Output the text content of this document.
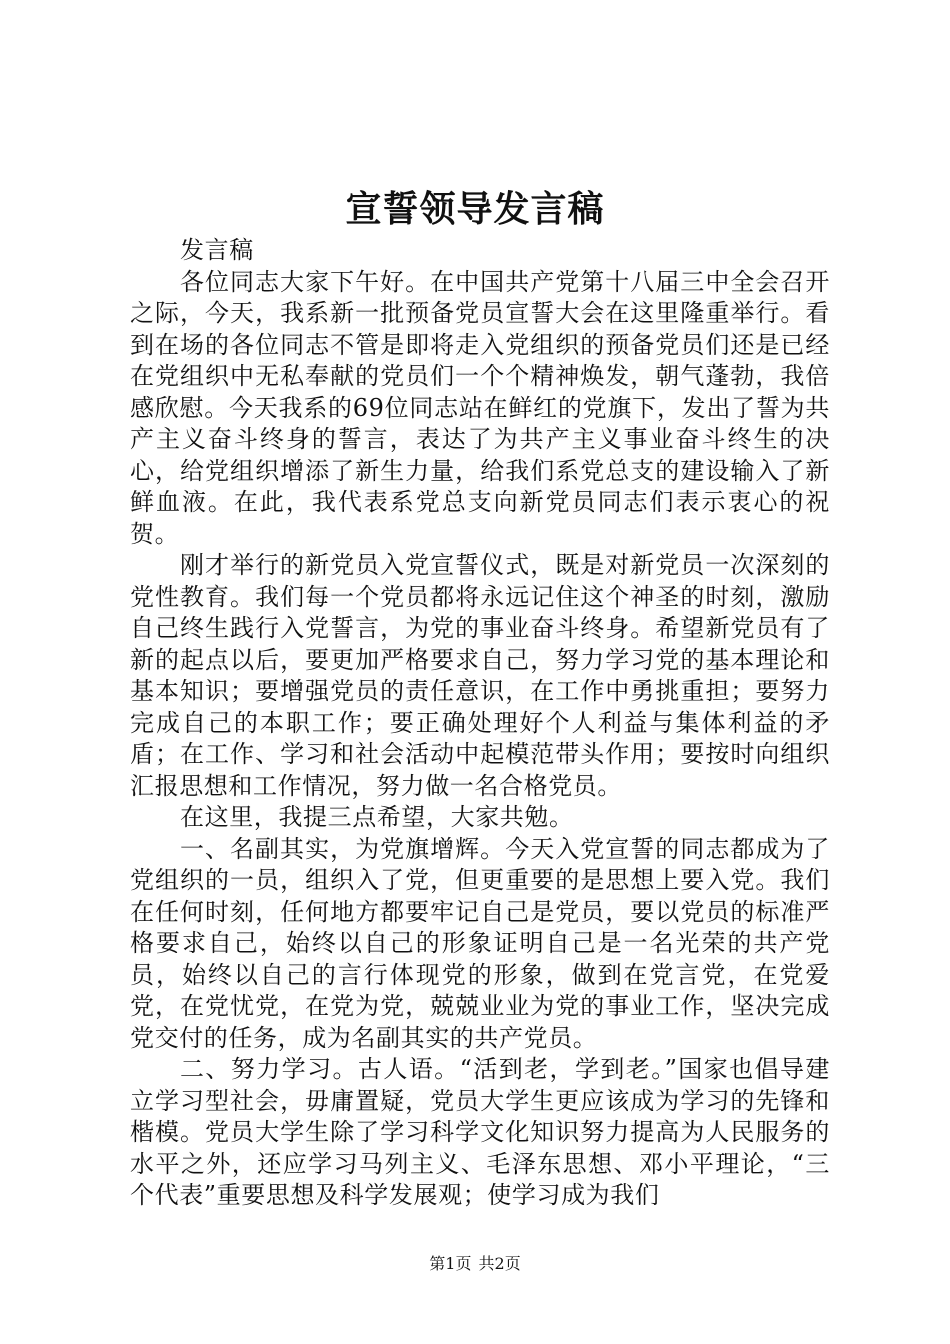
宣誓领导发言稿

发言稿

各位同志大家下午好。在中国共产党第十八届三中全会召开之际，今天，我系新一批预备党员宣誓大会在这里隆重举行。看到在场的各位同志不管是即将走入党组织的预备党员们还是已经在党组织中无私奉献的党员们一个个精神焕发，朝气蓬勃，我倍感欣慰。今天我系的69位同志站在鲜红的党旗下，发出了誓为共产主义奋斗终身的誓言，表达了为共产主义事业奋斗终生的决心，给党组织增添了新生力量，给我们系党总支的建设输入了新鲜血液。在此，我代表系党总支向新党员同志们表示衷心的祝贺。

刚才举行的新党员入党宣誓仪式，既是对新党员一次深刻的党性教育。我们每一个党员都将永远记住这个神圣的时刻，激励自己终生践行入党誓言，为党的事业奋斗终身。希望新党员有了新的起点以后，要更加严格要求自己，努力学习党的基本理论和基本知识；要增强党员的责任意识，在工作中勇挑重担；要努力完成自己的本职工作；要正确处理好个人利益与集体利益的矛盾；在工作、学习和社会活动中起模范带头作用；要按时向组织汇报思想和工作情况，努力做一名合格党员。

在这里，我提三点希望，大家共勉。

一、名副其实，为党旗增辉。今天入党宣誓的同志都成为了党组织的一员，组织入了党，但更重要的是思想上要入党。我们在任何时刻，任何地方都要牢记自己是党员，要以党员的标准严格要求自己，始终以自己的形象证明自己是一名光荣的共产党员，始终以自己的言行体现党的形象，做到在党言党，在党爱党，在党忧党，在党为党，兢兢业业为党的事业工作，坚决完成党交付的任务，成为名副其实的共产党员。

二、努力学习。古人语。“活到老，学到老。”国家也倡导建立学习型社会，毋庸置疑，党员大学生更应该成为学习的先锋和楷模。党员大学生除了学习科学文化知识努力提高为人民服务的水平之外，还应学习马列主义、毛泽东思想、邓小平理论，“三个代表”重要思想及科学发展观；使学习成为我们

第1页 共2页
